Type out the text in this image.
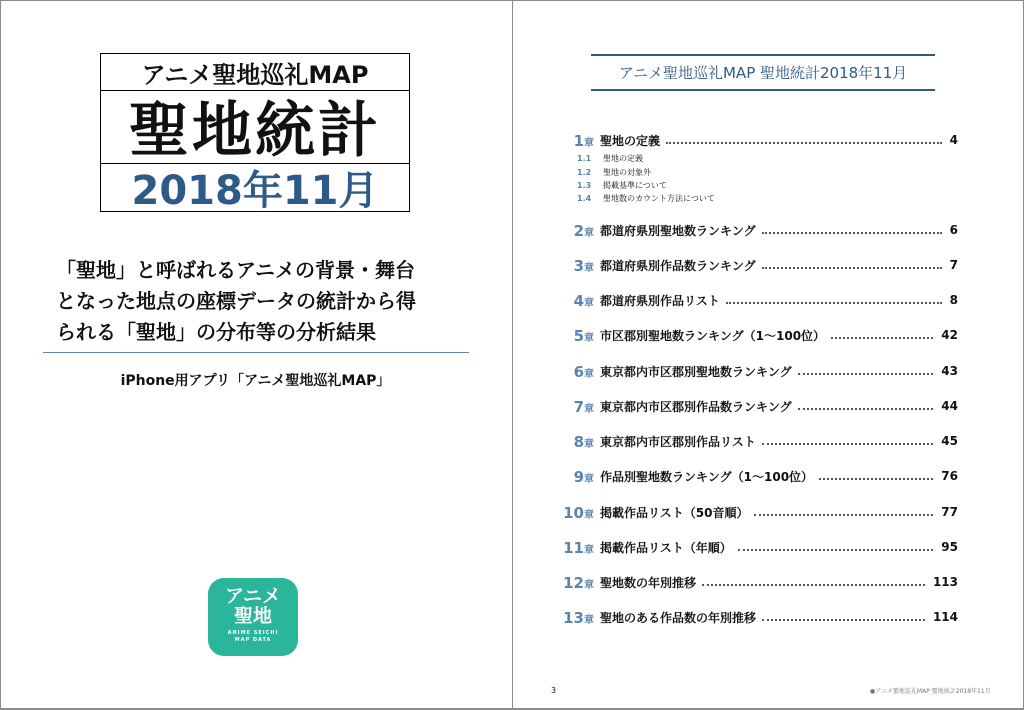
アニメ聖地巡礼MAP
聖地統計
2018年11月
「聖地」と呼ばれるアニメの背景・舞台
となった地点の座標データの統計から得
られる「聖地」の分布等の分析結果
iPhone用アプリ「アニメ聖地巡礼MAP」
アニメ
聖地
ANIME SEICHI
MAP DATA
アニメ聖地巡礼MAP 聖地統計2018年11月
1章 聖地の定義	4
1.1	聖地の定義
1.2	聖地の対象外
1.3	掲載基準について
1.4	聖地数のカウント方法について
2章 都道府県別聖地数ランキング	6
3章 都道府県別作品数ランキング	7
4章 都道府県別作品リスト	8
5章 市区郡別聖地数ランキング（1～100位）	42
6章 東京都内市区郡別聖地数ランキング	43
7章 東京都内市区郡別作品数ランキング	44
8章 東京都内市区郡別作品リスト	45
9章 作品別聖地数ランキング（1～100位）	76
10章 掲載作品リスト（50音順）	77
11章 掲載作品リスト（年順）	95
12章 聖地数の年別推移	113
13章 聖地のある作品数の年別推移	114
3	●アニメ聖地巡礼MAP 聖地統計2018年11月
